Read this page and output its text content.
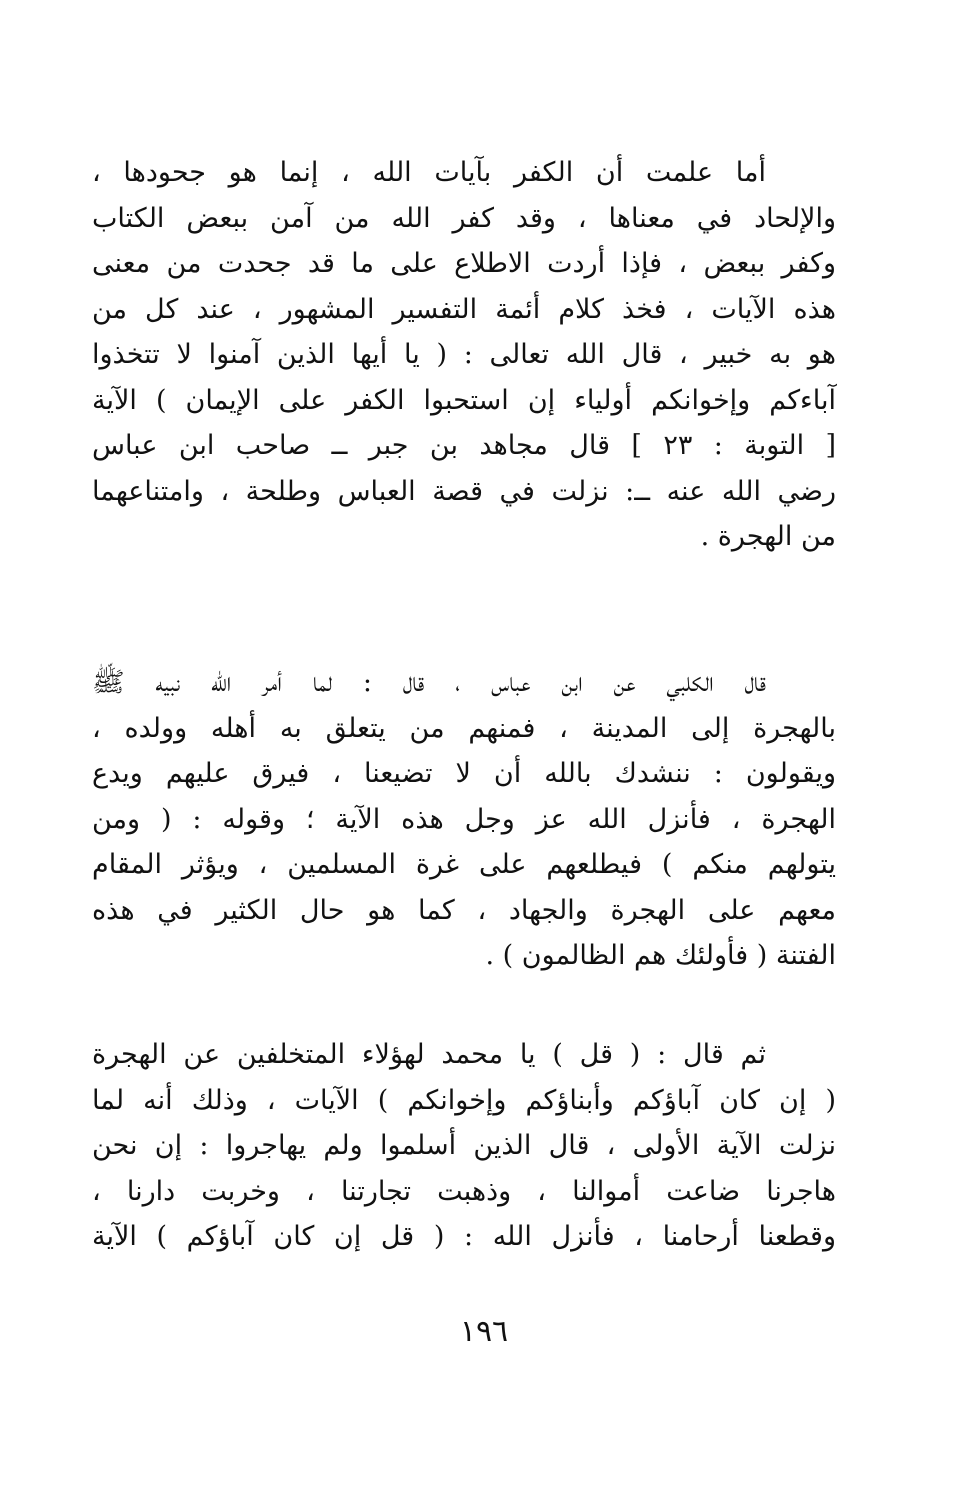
أما علمت أن الكفر بآيات الله ، إنما هو جحودها ،
والإلحاد في معناها ، وقد كفر الله من آمن ببعض الكتاب
وكفر ببعض ، فإذا أردت الاطلاع على ما قد جحدت من معنى
هذه الآيات ، فخذ كلام أئمة التفسير المشهور ، عند كل من
هو به خبير ، قال الله تعالى : ( يا أيها الذين آمنوا لا تتخذوا
آباءكم وإخوانكم أولياء إن استحبوا الكفر على الإيمان ) الآية
[ التوبة : ٢٣ ] قال مجاهد بن جبر ــ صاحب ابن عباس
رضي الله عنه ــ: نزلت في قصة العباس وطلحة ، وامتناعهما
من الهجرة .
قال الكلبي عن ابن عباس ، قال : لما أمر الله نبيه ﷺ
بالهجرة إلى المدينة ، فمنهم من يتعلق به أهله وولده ،
ويقولون : ننشدك بالله أن لا تضيعنا ، فيرق عليهم ويدع
الهجرة ، فأنزل الله عز وجل هذه الآية ؛ وقوله : ( ومن
يتولهم منكم ) فيطلعهم على غرة المسلمين ، ويؤثر المقام
معهم على الهجرة والجهاد ، كما هو حال الكثير في هذه
الفتنة ( فأولئك هم الظالمون ) .
ثم قال : ( قل ) يا محمد لهؤلاء المتخلفين عن الهجرة
( إن كان آباؤكم وأبناؤكم وإخوانكم ) الآيات ، وذلك أنه لما
نزلت الآية الأولى ، قال الذين أسلموا ولم يهاجروا : إن نحن
هاجرنا ضاعت أموالنا ، وذهبت تجارتنا ، وخربت دارنا ،
وقطعنا أرحامنا ، فأنزل الله : ( قل إن كان آباؤكم ) الآية
١٩٦
